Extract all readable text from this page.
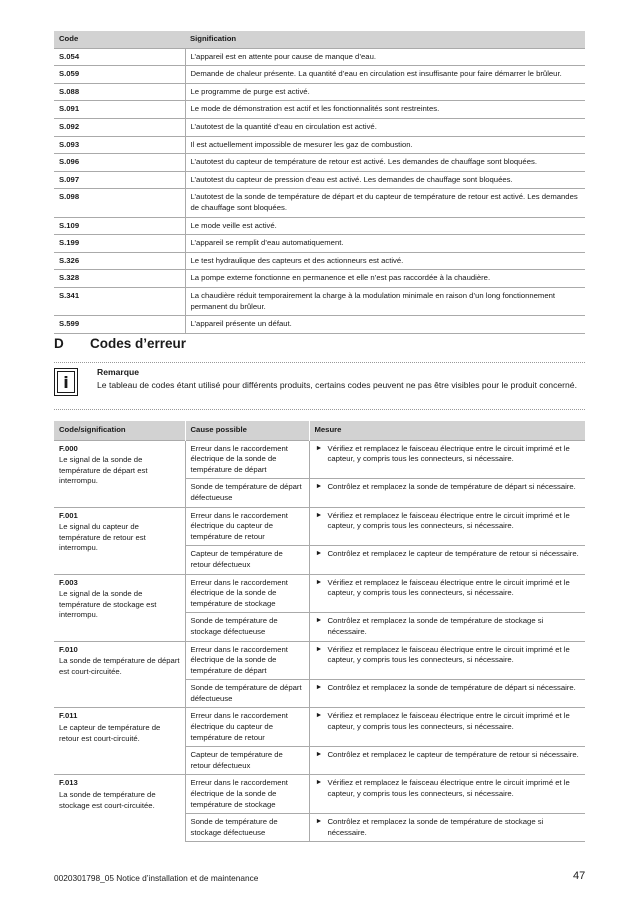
Code	Signification
S.054	L’appareil est en attente pour cause de manque d’eau.
S.059	Demande de chaleur présente. La quantité d’eau en circulation est insuffisante pour faire démarrer le brûleur.
S.088	Le programme de purge est activé.
S.091	Le mode de démonstration est actif et les fonctionnalités sont restreintes.
S.092	L’autotest de la quantité d’eau en circulation est activé.
S.093	Il est actuellement impossible de mesurer les gaz de combustion.
S.096	L’autotest du capteur de température de retour est activé. Les demandes de chauffage sont bloquées.
S.097	L’autotest du capteur de pression d’eau est activé. Les demandes de chauffage sont bloquées.
S.098	L’autotest de la sonde de température de départ et du capteur de température de retour est activé. Les demandes de chauffage sont bloquées.
S.109	Le mode veille est activé.
S.199	L’appareil se remplit d’eau automatiquement.
S.326	Le test hydraulique des capteurs et des actionneurs est activé.
S.328	La pompe externe fonctionne en permanence et elle n’est pas raccordée à la chaudière.
S.341	La chaudière réduit temporairement la charge à la modulation minimale en raison d’un long fonctionnement permanent du brûleur.
S.599	L’appareil présente un défaut.
D Codes d’erreur
i
Remarque
Le tableau de codes étant utilisé pour différents produits, certains codes peuvent ne pas être visibles pour le produit concerné.
Code/signification	Cause possible	Mesure

F.000
Le signal de la sonde de température de départ est interrompu.	Erreur dans le raccordement électrique de la sonde de température de départ	► Vérifiez et remplacez le faisceau électrique entre le circuit imprimé et le capteur, y compris tous les connecteurs, si nécessaire.
	Sonde de température de départ défectueuse	► Contrôlez et remplacez la sonde de température de départ si nécessaire.

F.001
Le signal du capteur de température de retour est interrompu.	Erreur dans le raccordement électrique du capteur de température de retour	► Vérifiez et remplacez le faisceau électrique entre le circuit imprimé et le capteur, y compris tous les connecteurs, si nécessaire.
	Capteur de température de retour défectueux	► Contrôlez et remplacez le capteur de température de retour si nécessaire.

F.003
Le signal de la sonde de température de stockage est interrompu.	Erreur dans le raccordement électrique de la sonde de température de stockage	► Vérifiez et remplacez le faisceau électrique entre le circuit imprimé et le capteur, y compris tous les connecteurs, si nécessaire.
	Sonde de température de stockage défectueuse	► Contrôlez et remplacez la sonde de température de stockage si nécessaire.

F.010
La sonde de température de départ est court-circuitée.	Erreur dans le raccordement électrique de la sonde de température de départ	► Vérifiez et remplacez le faisceau électrique entre le circuit imprimé et le capteur, y compris tous les connecteurs, si nécessaire.
	Sonde de température de départ défectueuse	► Contrôlez et remplacez la sonde de température de départ si nécessaire.

F.011
Le capteur de température de retour est court-circuité.	Erreur dans le raccordement électrique du capteur de température de retour	► Vérifiez et remplacez le faisceau électrique entre le circuit imprimé et le capteur, y compris tous les connecteurs, si nécessaire.
	Capteur de température de retour défectueux	► Contrôlez et remplacez le capteur de température de retour si nécessaire.

F.013
La sonde de température de stockage est court-circuitée.	Erreur dans le raccordement électrique de la sonde de température de stockage	► Vérifiez et remplacez le faisceau électrique entre le circuit imprimé et le capteur, y compris tous les connecteurs, si nécessaire.
	Sonde de température de stockage défectueuse	► Contrôlez et remplacez la sonde de température de stockage si nécessaire.
0020301798_05 Notice d’installation et de maintenance	47
